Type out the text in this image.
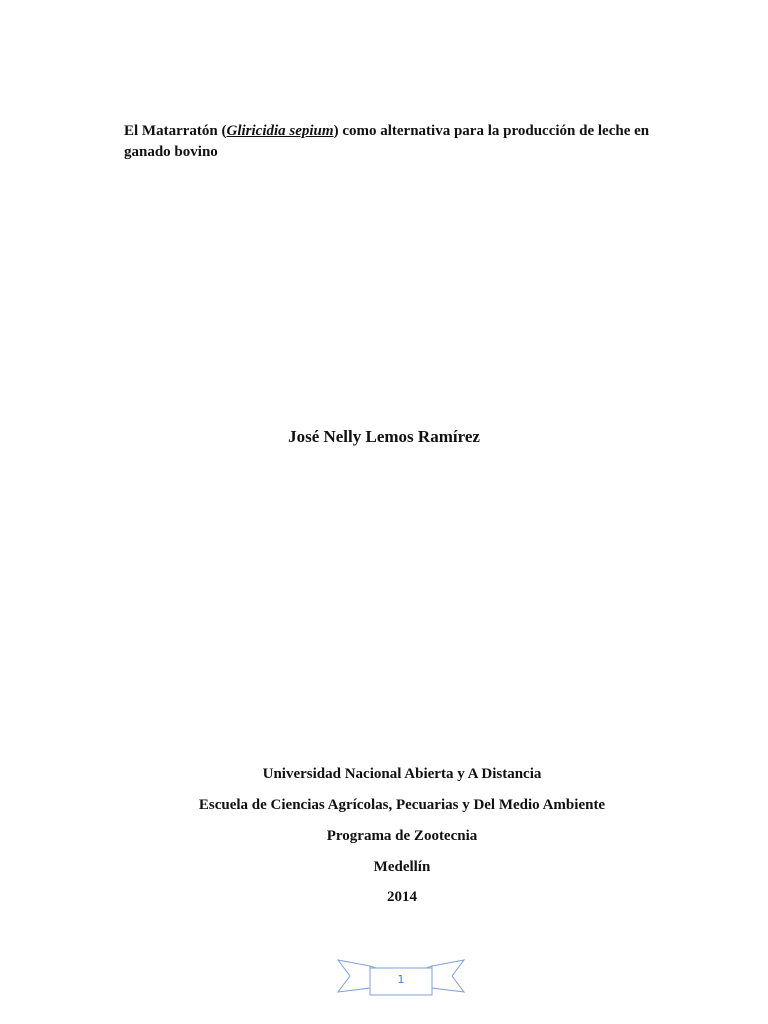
El Matarratón (Gliricidia sepium) como alternativa para la producción de leche en ganado bovino
José Nelly Lemos Ramírez
Universidad Nacional Abierta y A Distancia
Escuela de Ciencias Agrícolas, Pecuarias y Del Medio Ambiente
Programa de Zootecnia
Medellín
2014
1
